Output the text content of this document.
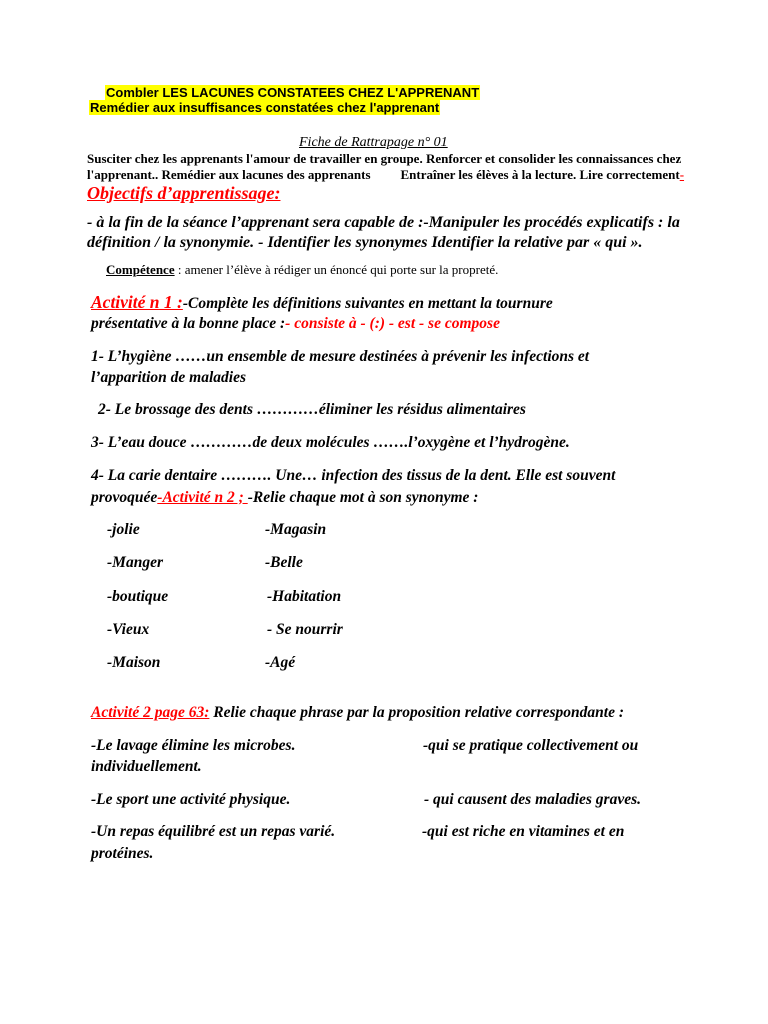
Combler LES LACUNES CONSTATEES CHEZ L'APPRENANT
Remédier aux insuffisances constatées chez l'apprenant
Fiche de Rattrapage n° 01
Susciter chez les apprenants l'amour de travailler en groupe. Renforcer et consolider les connaissances chez
l'apprenant.. Remédier aux lacunes des apprenants Entraîner les élèves à la lecture. Lire correctement-
Objectifs d’apprentissage:
- à la fin de la séance l’apprenant sera capable de :-Manipuler les procédés explicatifs : la
définition / la synonymie. - Identifier les synonymes Identifier la relative par « qui ».
Compétence : amener l’élève à rédiger un énoncé qui porte sur la propreté.
Activité n 1 :-Complète les définitions suivantes en mettant la tournure
présentative à la bonne place :- consiste à - (:) - est - se compose
1- L’hygiène ……un ensemble de mesure destinées à prévenir les infections et
l’apparition de maladies
2- Le brossage des dents …………éliminer les résidus alimentaires
3- L’eau douce …………de deux molécules …….l’oxygène et l’hydrogène.
4- La carie dentaire ………. Une… infection des tissus de la dent. Elle est souvent
provoquée-Activité n 2 ; -Relie chaque mot à son synonyme :
-jolie	-Magasin
-Manger	-Belle
-boutique	-Habitation
-Vieux	- Se nourrir
-Maison	-Agé
Activité 2 page 63: Relie chaque phrase par la proposition relative correspondante :
-Le lavage élimine les microbes.	-qui se pratique collectivement ou
individuellement.
-Le sport une activité physique.	- qui causent des maladies graves.
-Un repas équilibré est un repas varié.	-qui est riche en vitamines et en
protéines.
